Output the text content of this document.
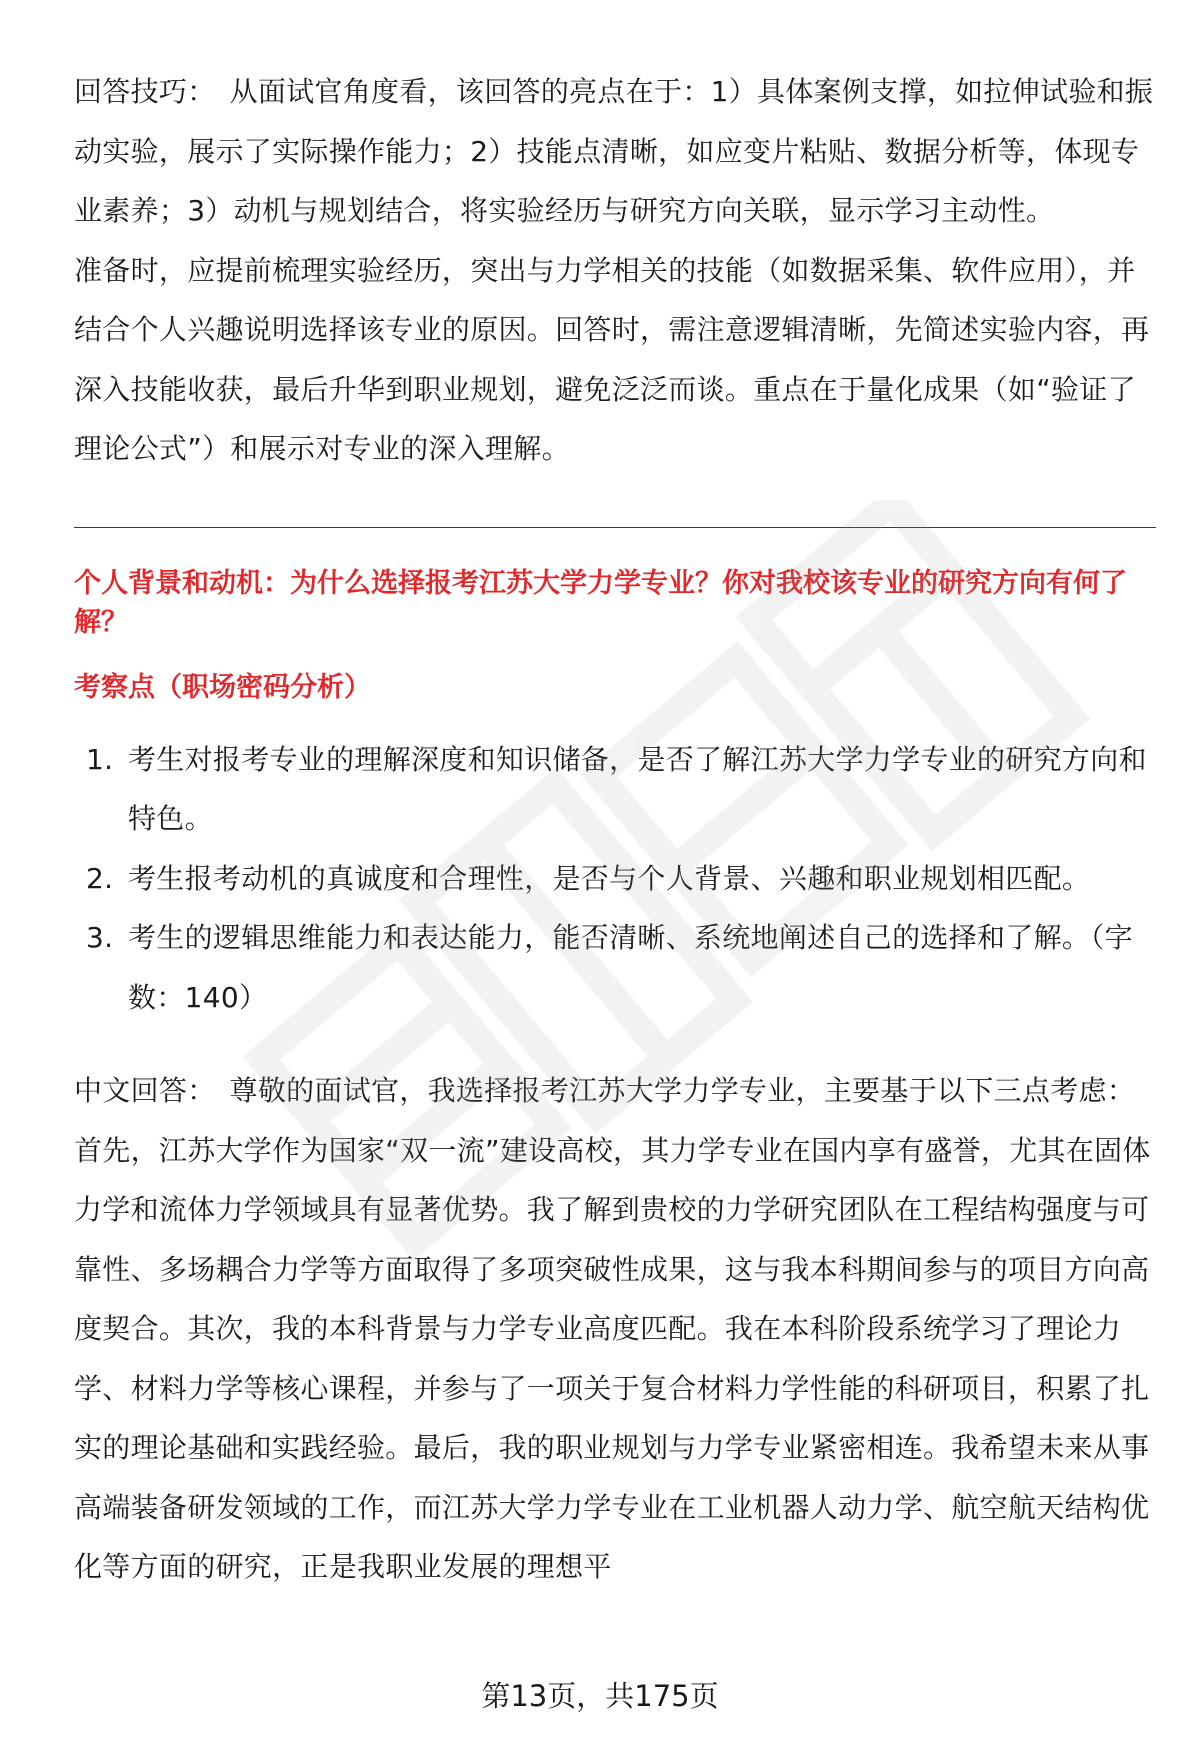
回答技巧： 从面试官角度看，该回答的亮点在于：1）具体案例支撑，如拉伸试验和振动实验，展示了实际操作能力；2）技能点清晰，如应变片粘贴、数据分析等，体现专业素养；3）动机与规划结合，将实验经历与研究方向关联，显示学习主动性。

准备时，应提前梳理实验经历，突出与力学相关的技能（如数据采集、软件应用），并结合个人兴趣说明选择该专业的原因。回答时，需注意逻辑清晰，先简述实验内容，再深入技能收获，最后升华到职业规划，避免泛泛而谈。重点在于量化成果（如“验证了理论公式”）和展示对专业的深入理解。

个人背景和动机：为什么选择报考江苏大学力学专业？你对我校该专业的研究方向有何了解？

考察点（职场密码分析）

1. 考生对报考专业的理解深度和知识储备，是否了解江苏大学力学专业的研究方向和特色。
2. 考生报考动机的真诚度和合理性，是否与个人背景、兴趣和职业规划相匹配。
3. 考生的逻辑思维能力和表达能力，能否清晰、系统地阐述自己的选择和了解。（字数：140）

中文回答： 尊敬的面试官，我选择报考江苏大学力学专业，主要基于以下三点考虑：首先，江苏大学作为国家“双一流”建设高校，其力学专业在国内享有盛誉，尤其在固体力学和流体力学领域具有显著优势。我了解到贵校的力学研究团队在工程结构强度与可靠性、多场耦合力学等方面取得了多项突破性成果，这与我本科期间参与的项目方向高度契合。其次，我的本科背景与力学专业高度匹配。我在本科阶段系统学习了理论力学、材料力学等核心课程，并参与了一项关于复合材料力学性能的科研项目，积累了扎实的理论基础和实践经验。最后，我的职业规划与力学专业紧密相连。我希望未来从事高端装备研发领域的工作，而江苏大学力学专业在工业机器人动力学、航空航天结构优化等方面的研究，正是我职业发展的理想平

第13页，共175页
